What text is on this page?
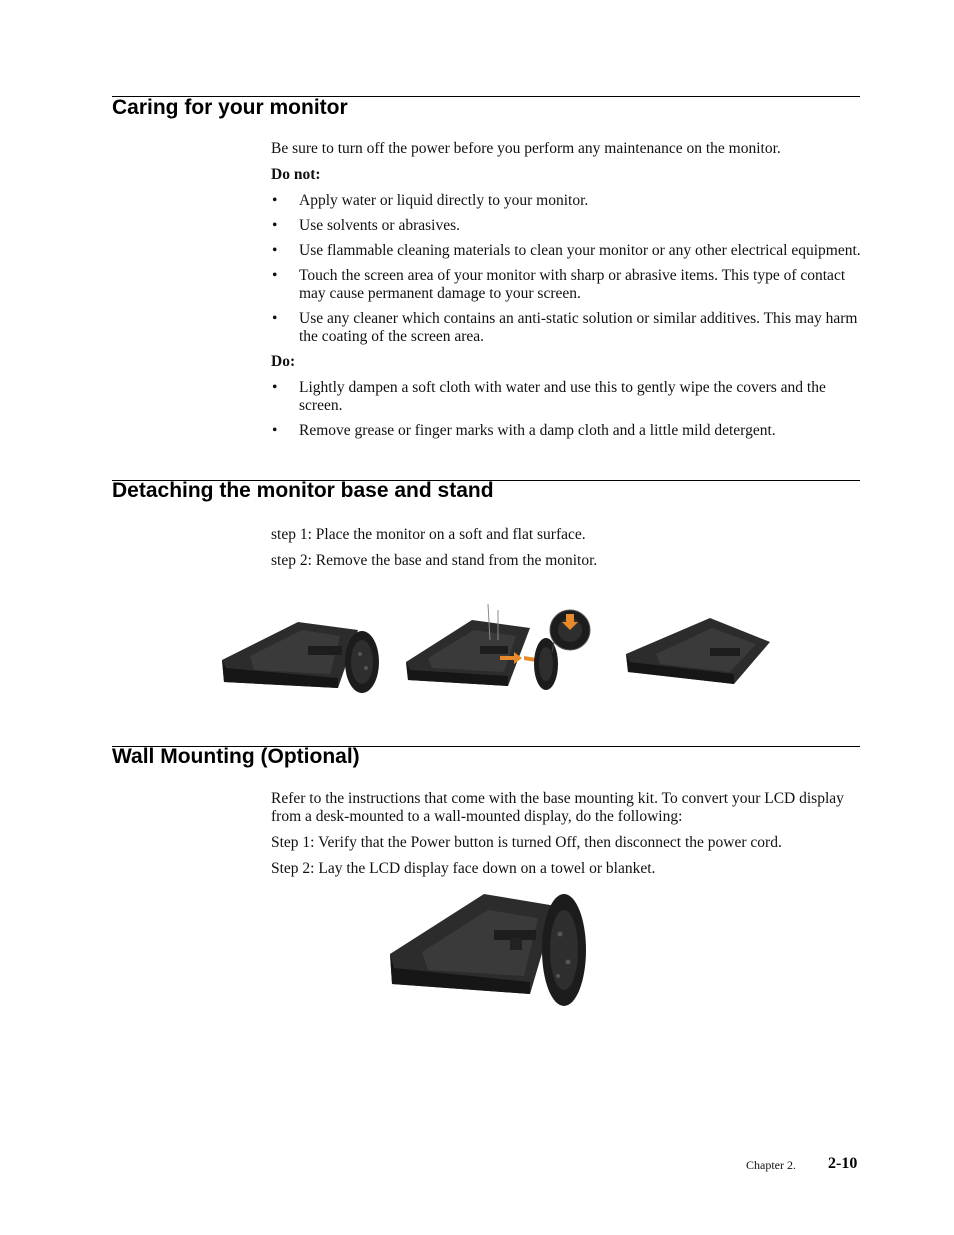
Caring for your monitor

Be sure to turn off the power before you perform any maintenance on the monitor.

Do not:

• Apply water or liquid directly to your monitor.
• Use solvents or abrasives.
• Use flammable cleaning materials to clean your monitor or any other electrical equipment.
• Touch the screen area of your monitor with sharp or abrasive items. This type of contact may cause permanent damage to your screen.
• Use any cleaner which contains an anti-static solution or similar additives. This may harm the coating of the screen area.

Do:

• Lightly dampen a soft cloth with water and use this to gently wipe the covers and the screen.
• Remove grease or finger marks with a damp cloth and a little mild detergent.
Detaching the monitor base and stand

step 1: Place the monitor on a soft and flat surface.

step 2: Remove the base and stand from the monitor.

Wall Mounting (Optional)

Refer to the instructions that come with the base mounting kit. To convert your LCD display from a desk-mounted to a wall-mounted display, do the following:

Step 1: Verify that the Power button is turned Off, then disconnect the power cord.

Step 2: Lay the LCD display face down on a towel or blanket.

Chapter 2. 2-10
